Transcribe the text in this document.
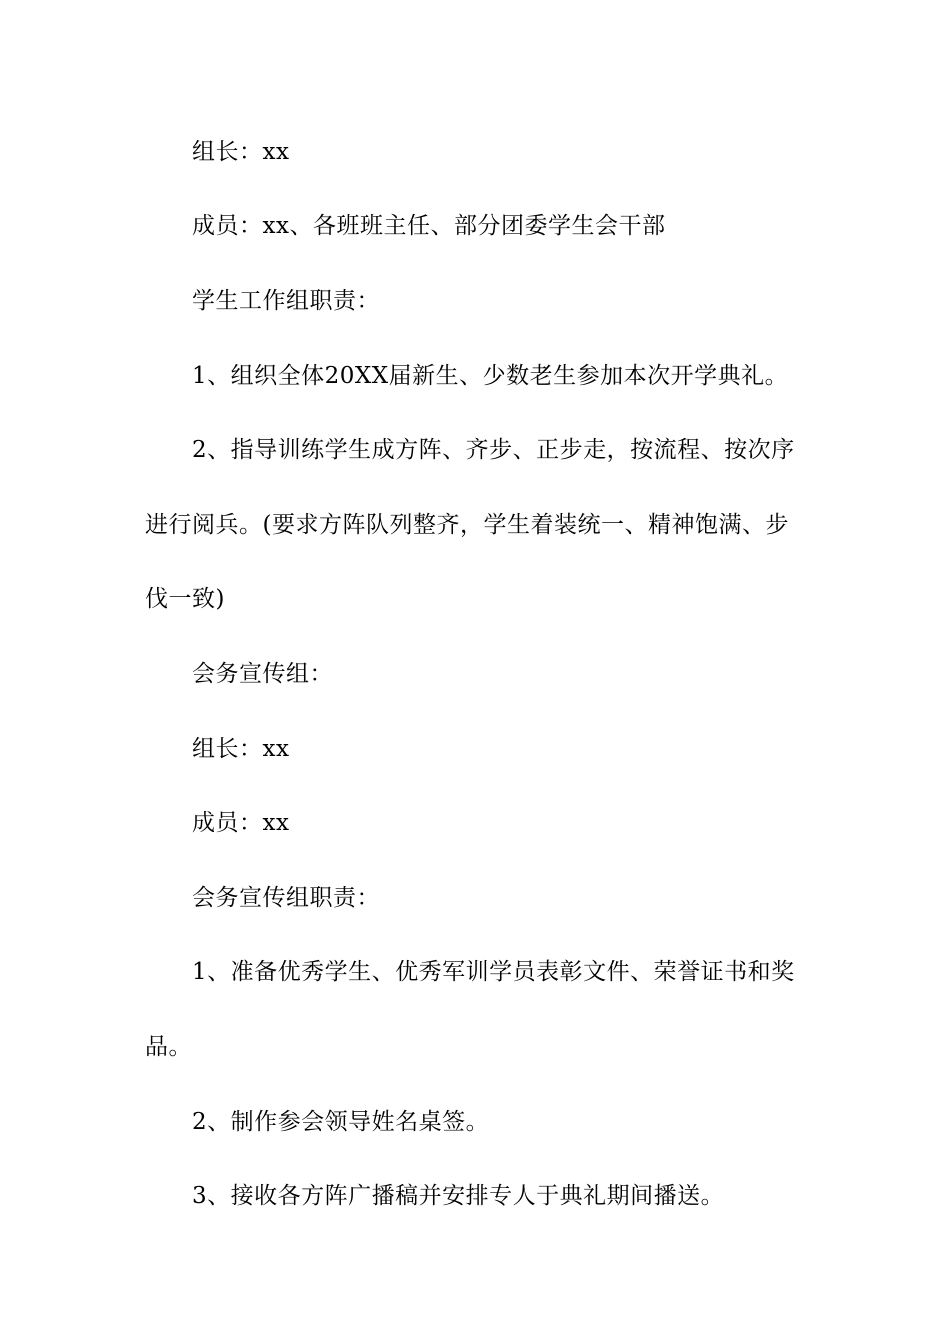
组长：xx

成员：xx、各班班主任、部分团委学生会干部

学生工作组职责：

1、组织全体20XX届新生、少数老生参加本次开学典礼。

2、指导训练学生成方阵、齐步、正步走，按流程、按次序

进行阅兵。(要求方阵队列整齐，学生着装统一、精神饱满、步

伐一致)

会务宣传组：

组长：xx

成员：xx

会务宣传组职责：

1、准备优秀学生、优秀军训学员表彰文件、荣誉证书和奖

品。

2、制作参会领导姓名桌签。

3、接收各方阵广播稿并安排专人于典礼期间播送。
